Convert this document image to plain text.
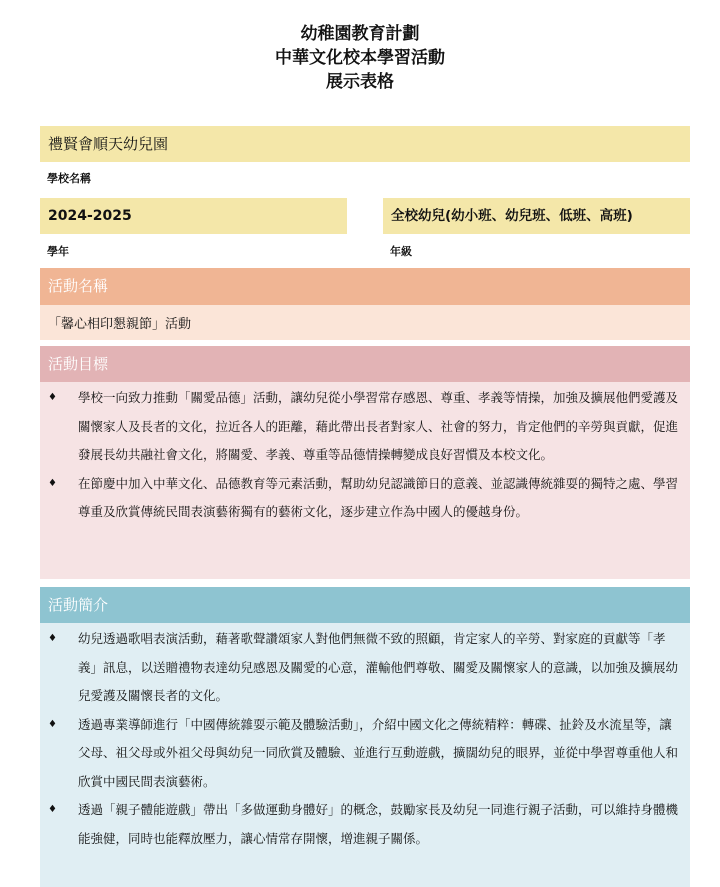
幼稚園教育計劃
中華文化校本學習活動
展示表格
禮賢會順天幼兒園
學校名稱
2024-2025
學年
全校幼兒(幼小班、幼兒班、低班、高班)
年級
活動名稱
「馨心相印懇親節」活動
活動目標
♦ 學校一向致力推動「關愛品德」活動，讓幼兒從小學習常存感恩、尊重、孝義等情操，加強及擴展他們愛護及關懷家人及長者的文化，拉近各人的距離，藉此帶出長者對家人、社會的努力，肯定他們的辛勞與貢獻，促進發展長幼共融社會文化，將關愛、孝義、尊重等品德情操轉變成良好習慣及本校文化。
♦ 在節慶中加入中華文化、品德教育等元素活動，幫助幼兒認識節日的意義、並認識傳統雜耍的獨特之處、學習尊重及欣賞傳統民間表演藝術獨有的藝術文化，逐步建立作為中國人的優越身份。
活動簡介
♦ 幼兒透過歌唱表演活動，藉著歌聲讚頌家人對他們無微不致的照顧，肯定家人的辛勞、對家庭的貢獻等「孝義」訊息，以送贈禮物表達幼兒感恩及關愛的心意，灌輸他們尊敬、關愛及關懷家人的意識，以加強及擴展幼兒愛護及關懷長者的文化。
♦ 透過專業導師進行「中國傳統雜耍示範及體驗活動」，介紹中國文化之傳統精粹：轉碟、扯鈴及水流星等，讓父母、祖父母或外祖父母與幼兒一同欣賞及體驗、並進行互動遊戲，擴闊幼兒的眼界，並從中學習尊重他人和欣賞中國民間表演藝術。
♦ 透過「親子體能遊戲」帶出「多做運動身體好」的概念，鼓勵家長及幼兒一同進行親子活動，可以維持身體機能強健，同時也能釋放壓力，讓心情常存開懷，增進親子關係。
